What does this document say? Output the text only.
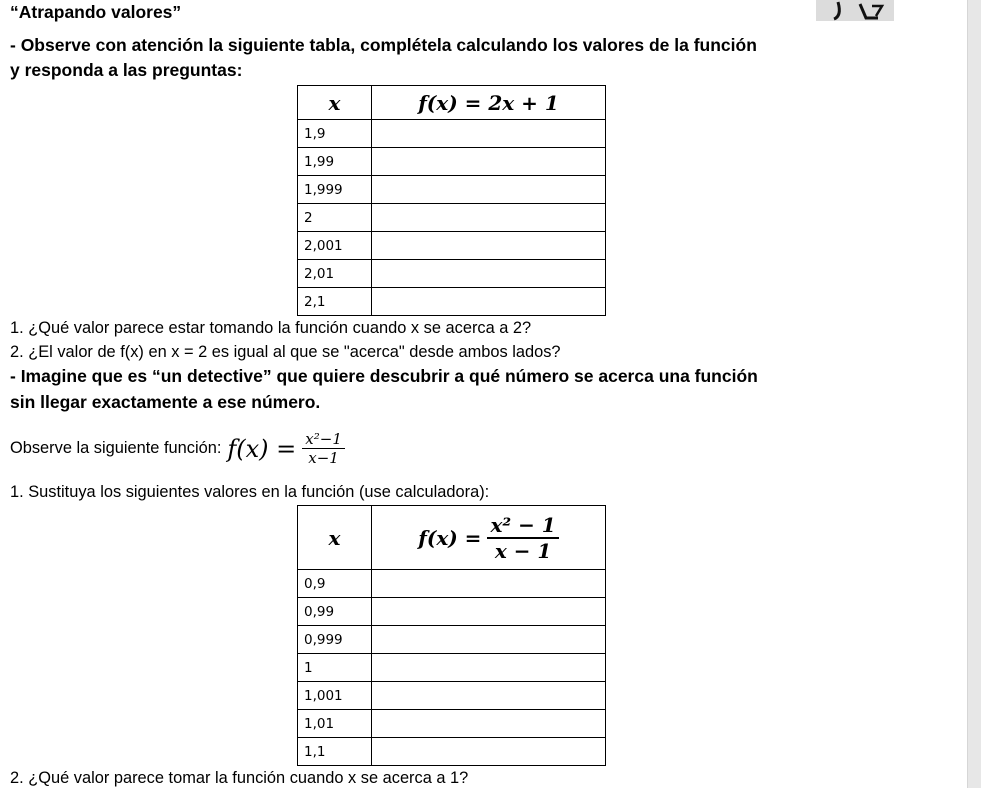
“Atrapando valores”
- Observe con atención la siguiente tabla, complétela calculando los valores de la función
y responda a las preguntas:
x	f(x) = 2x + 1
1,9	
1,99	
1,999	
2	
2,001	
2,01	
2,1	
1. ¿Qué valor parece estar tomando la función cuando x se acerca a 2?
2. ¿El valor de f(x) en x = 2 es igual al que se "acerca" desde ambos lados?
- Imagine que es “un detective” que quiere descubrir a qué número se acerca una función
sin llegar exactamente a ese número.
Observe la siguiente función: $f(x) = \frac{\text{x²−1}}{x-1}$
1. Sustituya los siguientes valores en la función (use calculadora):
x	$f(x) = \frac{\text{x² − 1}}{x - 1}$

0,9	
0,99	
0,999	
1	
1,001	
1,01	
1,1	
2. ¿Qué valor parece tomar la función cuando x se acerca a 1?
